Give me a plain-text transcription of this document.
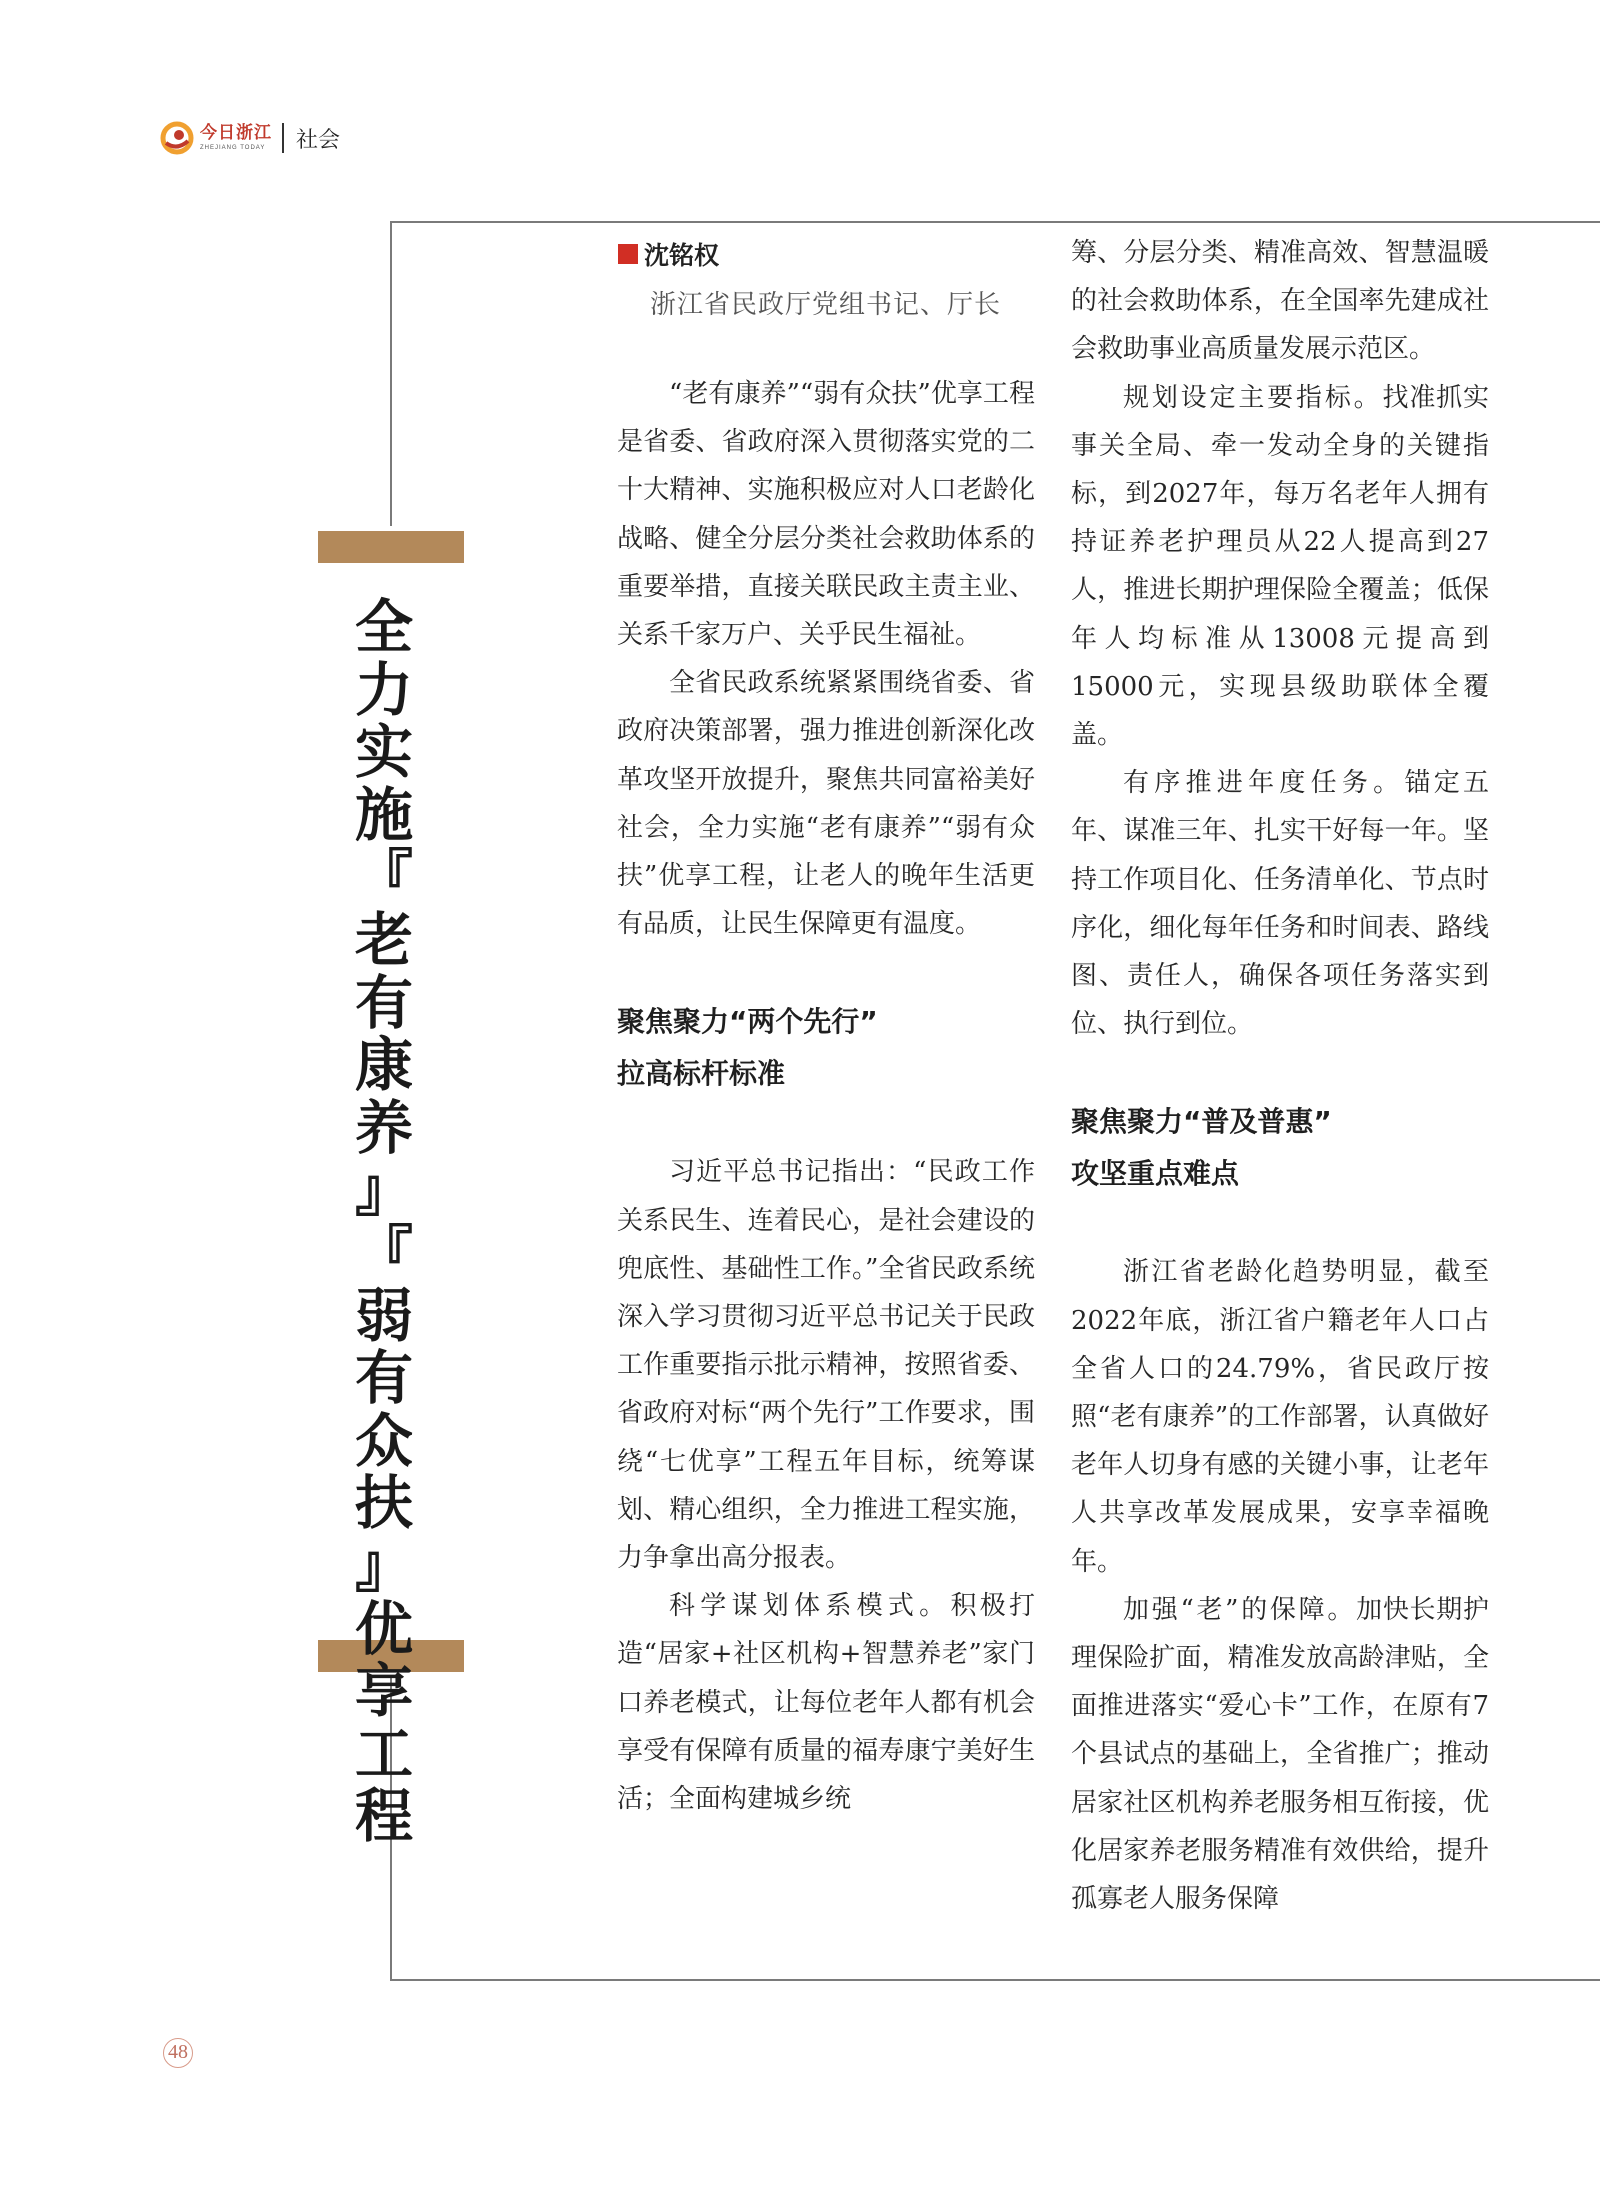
今日浙江
ZHEJIANG TODAY	社会
全
力
实
施
『
老
有
康
养
』
『
弱
有
众
扶
』
优
享
工
程
沈铭权
浙江省民政厅党组书记、厅长

“老有康养”“弱有众扶”优享工程是省委、省政府深入贯彻落实党的二十大精神、实施积极应对人口老龄化战略、健全分层分类社会救助体系的重要举措，直接关联民政主责主业、关系千家万户、关乎民生福祉。

全省民政系统紧紧围绕省委、省政府决策部署，强力推进创新深化改革攻坚开放提升，聚焦共同富裕美好社会，全力实施“老有康养”“弱有众扶”优享工程，让老人的晚年生活更有品质，让民生保障更有温度。

聚焦聚力“两个先行”
拉高标杆标准

习近平总书记指出：“民政工作关系民生、连着民心，是社会建设的兜底性、基础性工作。”全省民政系统深入学习贯彻习近平总书记关于民政工作重要指示批示精神，按照省委、省政府对标“两个先行”工作要求，围绕“七优享”工程五年目标，统筹谋划、精心组织，全力推进工程实施，力争拿出高分报表。

科学谋划体系模式。积极打造“居家+社区机构+智慧养老”家门口养老模式，让每位老年人都有机会享受有保障有质量的福寿康宁美好生活；全面构建城乡统

筹、分层分类、精准高效、智慧温暖的社会救助体系，在全国率先建成社会救助事业高质量发展示范区。

规划设定主要指标。找准抓实事关全局、牵一发动全身的关键指标，到2027年，每万名老年人拥有持证养老护理员从22人提高到27人，推进长期护理保险全覆盖；低保年人均标准从13008元提高到15000元，实现县级助联体全覆盖。

有序推进年度任务。锚定五年、谋准三年、扎实干好每一年。坚持工作项目化、任务清单化、节点时序化，细化每年任务和时间表、路线图、责任人，确保各项任务落实到位、执行到位。

聚焦聚力“普及普惠”
攻坚重点难点

浙江省老龄化趋势明显，截至2022年底，浙江省户籍老年人口占全省人口的24.79%，省民政厅按照“老有康养”的工作部署，认真做好老年人切身有感的关键小事，让老年人共享改革发展成果，安享幸福晚年。

加强“老”的保障。加快长期护理保险扩面，精准发放高龄津贴，全面推进落实“爱心卡”工作，在原有7个县试点的基础上，全省推广；推动居家社区机构养老服务相互衔接，优化居家养老服务精准有效供给，提升孤寡老人服务保障

48
